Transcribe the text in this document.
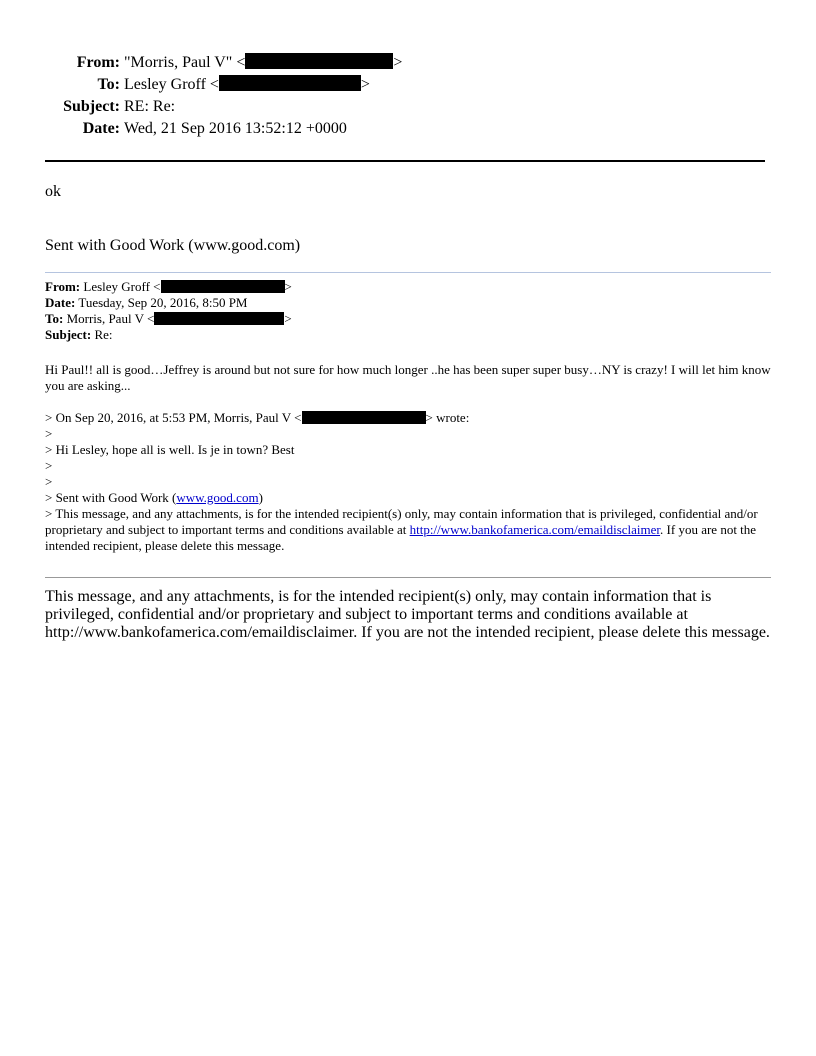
From: "Morris, Paul V" <	>
To: Lesley Groff <	>
Subject: RE: Re:
Date: Wed, 21 Sep 2016 13:52:12 +0000
ok
Sent with Good Work (www.good.com)
From: Lesley Groff <	>
Date: Tuesday, Sep 20, 2016, 8:50 PM
To: Morris, Paul V <	>
Subject: Re:
Hi Paul!! all is good…Jeffrey is around but not sure for how much longer ..he has been super super busy…NY is crazy! I will let him know you are asking...
> On Sep 20, 2016, at 5:53 PM, Morris, Paul V <	> wrote:
>
> Hi Lesley, hope all is well. Is je in town? Best
>
>
> Sent with Good Work (www.good.com)
> This message, and any attachments, is for the intended recipient(s) only, may contain information that is privileged, confidential and/or proprietary and subject to important terms and conditions available at http://www.bankofamerica.com/emaildisclaimer. If you are not the intended recipient, please delete this message.
This message, and any attachments, is for the intended recipient(s) only, may contain information that is privileged, confidential and/or proprietary and subject to important terms and conditions available at http://www.bankofamerica.com/emaildisclaimer. If you are not the intended recipient, please delete this message.
